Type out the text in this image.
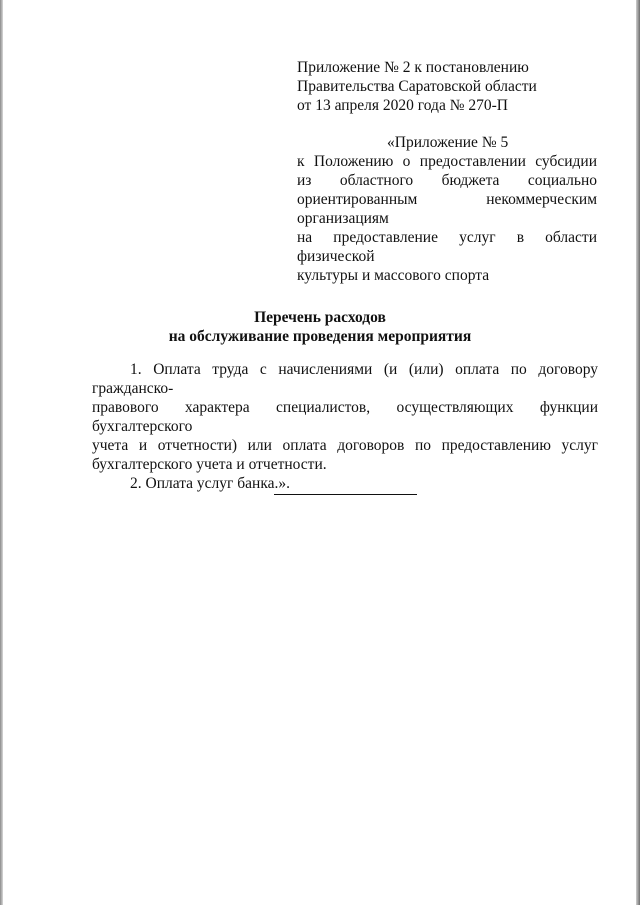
Приложение № 2 к постановлению
Правительства Саратовской области
от 13 апреля 2020 года № 270-П
«Приложение № 5
к Положению о предоставлении субсидии
из областного бюджета социально
ориентированным некоммерческим организациям
на предоставление услуг в области физической
культуры и массового спорта
Перечень расходов
на обслуживание проведения мероприятия
1. Оплата труда с начислениями (и (или) оплата по договору гражданско-
правового характера специалистов, осуществляющих функции бухгалтерского
учета и отчетности) или оплата договоров по предоставлению услуг
бухгалтерского учета и отчетности.
2. Оплата услуг банка.».
